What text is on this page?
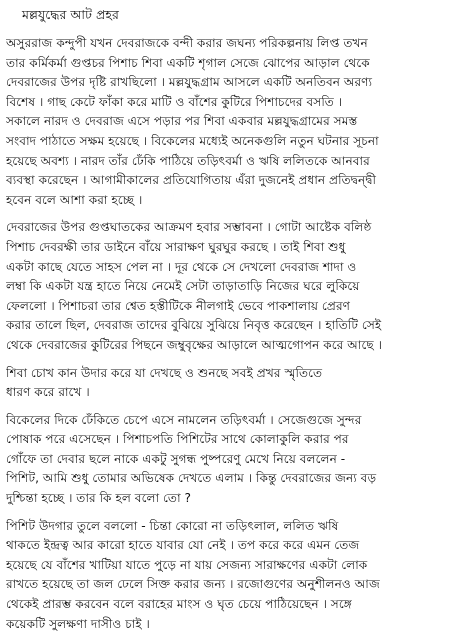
মল্লযুদ্ধের আট প্রহর
অসুররাজ কন্দুপী যখন দেবরাজকে বন্দী করার জঘন্য পরিকল্পনায় লিপ্ত তখন
তার কর্মিকর্মা গুপ্তচর পিশাচ শিবা একটি শৃগাল সেজে ঝোপের আড়াল থেকে
দেবরাজের উপর দৃষ্টি রাখছিলো । মল্লযুদ্ধগ্রাম আসলে একটি অনতিবন অরণ্য
বিশেষ । গাছ কেটে ফাঁকা করে মাটি ও বাঁশের কুটিরে পিশাচদের বসতি ।
সকালে নারদ ও দেবরাজ এসে পড়ার পর শিবা একবার মল্লযুদ্ধগ্রামের সমস্ত
সংবাদ পাঠাতে সক্ষম হয়েছে । বিকেলের মধ্যেই অনেকগুলি নতুন ঘটনার সূচনা
হয়েছে অবশ্য । নারদ তাঁর ঢেঁকি পাঠিয়ে তড়িৎবর্মা ও ঋষি ললিতকে আনবার
ব্যবস্থা করেছেন । আগামীকালের প্রতিযোগিতায় এঁরা দুজনেই প্রধান প্রতিদ্বন্দ্বী
হবেন বলে আশা করা হচ্ছে ।
দেবরাজের উপর গুপ্তঘাতকের আক্রমণ হবার সম্ভাবনা । গোটা আষ্টেক বলিষ্ঠ
পিশাচ দেবরক্ষী তার ডাইনে বাঁয়ে সারাক্ষণ ঘুরঘুর করছে । তাই শিবা শুধু
একটা কাছে যেতে সাহস পেল না । দূর থেকে সে দেখলো দেবরাজ শাদা ও
লম্বা কি একটা যন্ত্র হাতে নিয়ে নেমেই সেটা তাড়াতাড়ি নিজের ঘরে লুকিয়ে
ফেললো । পিশাচরা তার শ্বেত হস্তীটিকে নীলগাই ভেবে পাকশালায় প্রেরণ
করার তালে ছিল, দেবরাজ তাদের বুঝিয়ে সুঝিয়ে নিবৃত্ত করেছেন । হাতিটি সেই
থেকে দেবরাজের কুটিরের পিছনে জম্বুবৃক্ষের আড়ালে আত্মগোপন করে আছে ।
শিবা চোখ কান উদার করে যা দেখছে ও শুনছে সবই প্রখর স্মৃতিতে
ধারণ করে রাখে ।
বিকেলের দিকে ঢেঁকিতে চেপে এসে নামলেন তড়িৎবর্মা । সেজেগুজে সুন্দর
পোষাক পরে এসেছেন । পিশাচপতি পিশিটের সাথে কোলাকুলি করার পর
গোঁফে তা দেবার ছলে নাকে একটু সুগন্ধ পুষ্পরেণু মেখে নিয়ে বললেন -
পিশিট, আমি শুধু তোমার অভিষেক দেখতে এলাম । কিন্তু দেবরাজের জন্য বড়
দুশ্চিন্তা হচ্ছে । তার কি হল বলো তো ?
পিশিট উদগার তুলে বললো - চিন্তা কোরো না তড়িৎলাল, ললিত ঋষি
থাকতে ইন্দ্রত্ব আর কারো হাতে যাবার যো নেই । তপ করে করে এমন তেজ
হয়েছে যে বাঁশের খাটিয়া যাতে পুড়ে না যায় সেজন্য সারাক্ষণের একটা লোক
রাখতে হয়েছে তা জল ঢেলে সিক্ত করার জন্য । রজোগুণের অনুশীলনও আজ
থেকেই প্রারম্ভ করবেন বলে বরাহের মাংস ও ঘৃত চেয়ে পাঠিয়েছেন । সঙ্গে
কয়েকটি সুলক্ষণা দাসীও চাই ।
